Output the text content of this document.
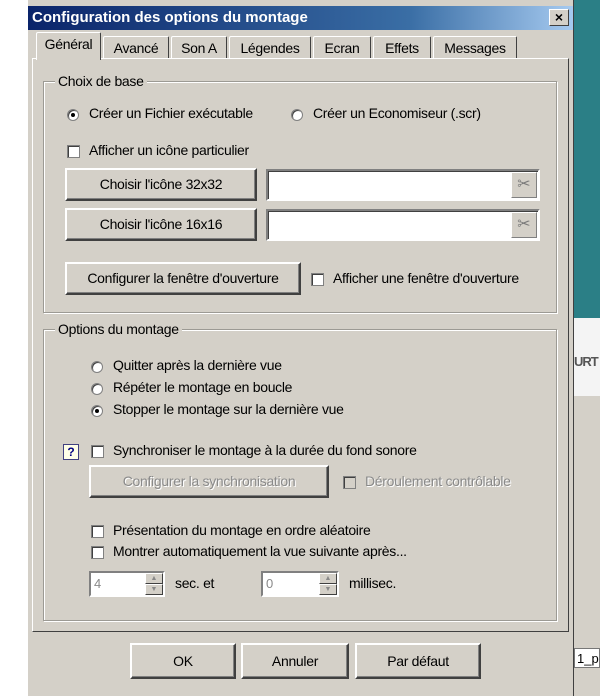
URT
1_p
Configuration des options du montage	×
Général	Avancé	Son A	Légendes	Ecran	Effets	Messages
Choix de base
Créer un Fichier exécutable	Créer un Economiseur (.scr)
Afficher un icône particulier
Choisir l'icône 32x32	✂
Choisir l'icône 16x16	✂
Configurer la fenêtre d'ouverture	Afficher une fenêtre d'ouverture
Options du montage
Quitter après la dernière vue
Répéter le montage en boucle
Stopper le montage sur la dernière vue
?	Synchroniser le montage à la durée du fond sonore
Configurer la synchronisation	Déroulement contrôlable
Présentation du montage en ordre aléatoire
Montrer automatiquement la vue suivante après...
4	▲
▼	sec. et	0	▲
▼	millisec.
OK	Annuler	Par défaut
